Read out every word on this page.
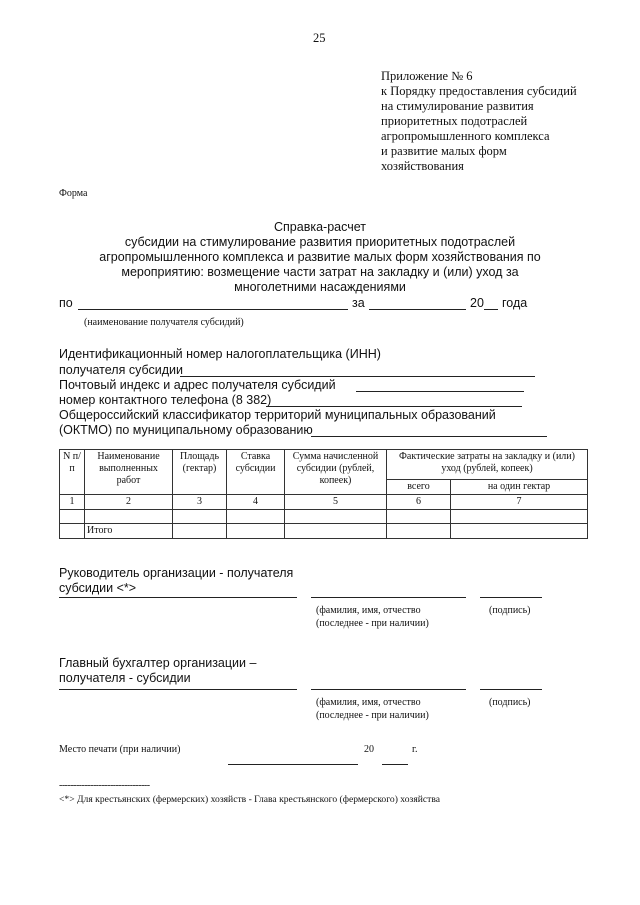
25
Приложение № 6
к Порядку предоставления субсидий
на стимулирование развития
приоритетных подотраслей
агропромышленного комплекса
и развитие малых форм
хозяйствования
Форма
Справка-расчет
субсидии на стимулирование развития приоритетных подотраслей
агропромышленного комплекса и развитие малых форм хозяйствования по
мероприятию: возмещение части затрат на закладку и (или) уход за
многолетними насаждениями
по	за	20 года
(наименование получателя субсидий)
Идентификационный номер налогоплательщика (ИНН)
получателя субсидии
Почтовый индекс и адрес получателя субсидий
номер контактного телефона (8 382)
Общероссийский классификатор территорий муниципальных образований
(ОКТМО) по муниципальному образованию
N п/п	Наименование выполненных работ	Площадь (гектар)	Ставка субсидии	Сумма начисленной субсидии (рублей, копеек)	Фактические затраты на закладку и (или) уход (рублей, копеек)	
					всего	на один гектар
1	2	3	4	5	6	7

	Итого					
Руководитель организации - получателя
субсидии <*>
(фамилия, имя, отчество
(последнее - при наличии)
(подпись)
Главный бухгалтер организации –
получателя - субсидии
(фамилия, имя, отчество
(последнее - при наличии)
(подпись)
Место печати (при наличии)	20	г.
--------------------------------
<*> Для крестьянских (фермерских) хозяйств - Глава крестьянского (фермерского) хозяйства
